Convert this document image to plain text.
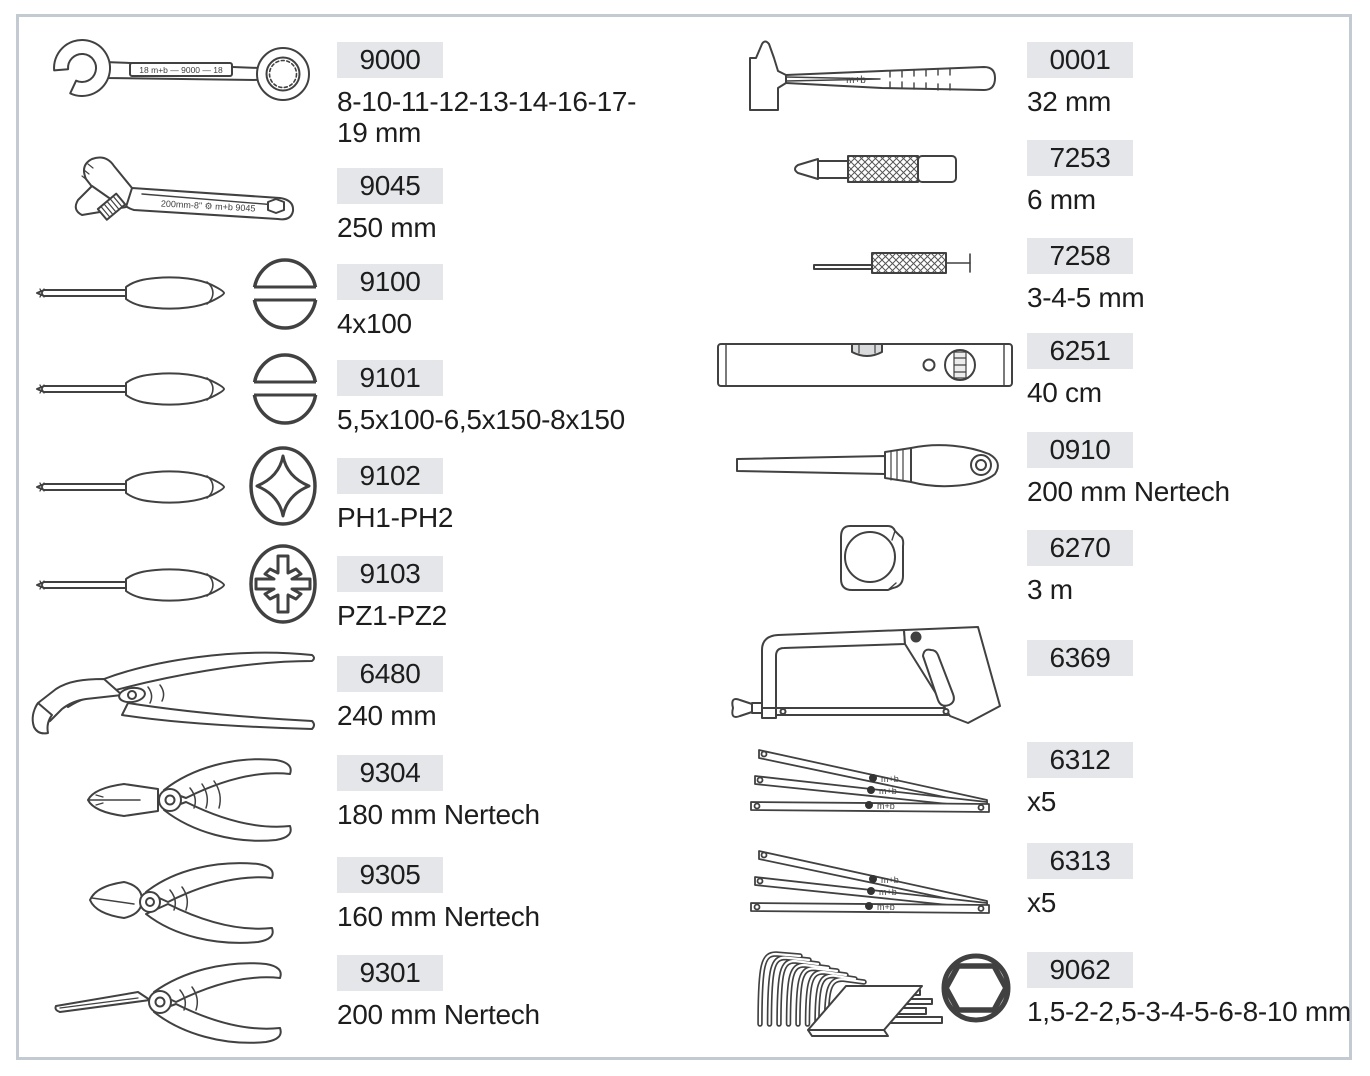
18 m+b — 9000 — 18	9000
8-10-11-12-13-14-16-17-19 mm
200mm-8" ⚙ m+b 9045
9045
250 mm
9100
4x100
9101
5,5x100-6,5x150-8x150
9102
PH1-PH2
9103
PZ1-PZ2
6480
240 mm
9304
180 mm Nertech
9305
160 mm Nertech
9301
200 mm Nertech
m+b
0001
32 mm
7253
6 mm
7258
3-4-5 mm
6251
40 cm
0910
200 mm Nertech
6270
3 m
6369
m+b
m+b
m+b
6312
x5
m+b
m+b
m+b
6313
x5
9062
1,5-2-2,5-3-4-5-6-8-10 mm
